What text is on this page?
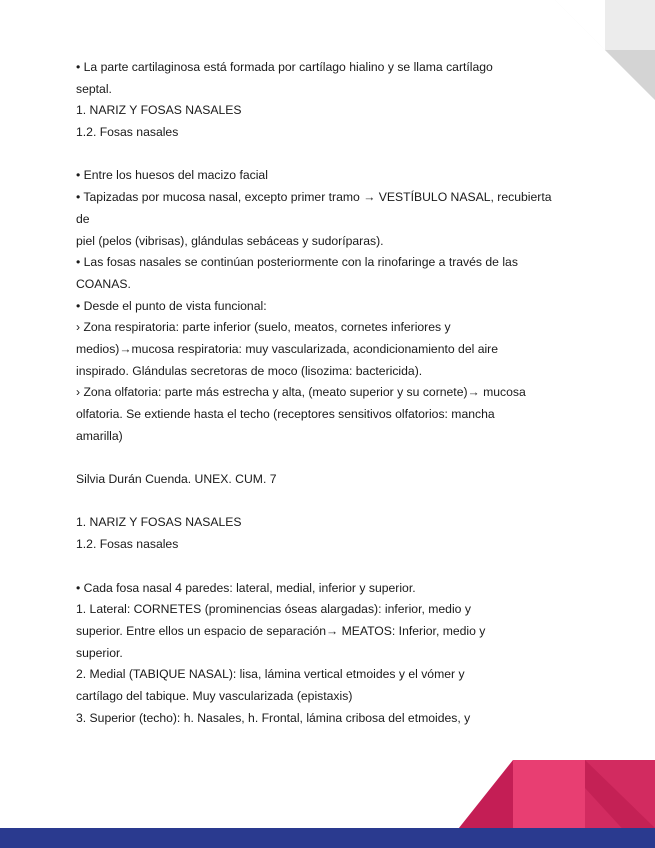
• La parte cartilaginosa está formada por cartílago hialino y se llama cartílago
septal.
1. NARIZ Y FOSAS NASALES
1.2. Fosas nasales
• Entre los huesos del macizo facial
• Tapizadas por mucosa nasal, excepto primer tramo → VESTÍBULO NASAL, recubierta
de
piel (pelos (vibrisas), glándulas sebáceas y sudoríparas).
• Las fosas nasales se continúan posteriormente con la rinofaringe a través de las
COANAS.
• Desde el punto de vista funcional:
› Zona respiratoria: parte inferior (suelo, meatos, cornetes inferiores y
medios)→mucosa respiratoria: muy vascularizada, acondicionamiento del aire
inspirado. Glándulas secretoras de moco (lisozima: bactericida).
› Zona olfatoria: parte más estrecha y alta, (meato superior y su cornete)→ mucosa
olfatoria. Se extiende hasta el techo (receptores sensitivos olfatorios: mancha
amarilla)
Silvia Durán Cuenda. UNEX. CUM. 7
1. NARIZ Y FOSAS NASALES
1.2. Fosas nasales
• Cada fosa nasal 4 paredes: lateral, medial, inferior y superior.
1. Lateral: CORNETES (prominencias óseas alargadas): inferior, medio y
superior. Entre ellos un espacio de separación→ MEATOS: Inferior, medio y
superior.
2. Medial (TABIQUE NASAL): lisa, lámina vertical etmoides y el vómer y
cartílago del tabique. Muy vascularizada (epistaxis)
3. Superior (techo): h. Nasales, h. Frontal, lámina cribosa del etmoides, y
